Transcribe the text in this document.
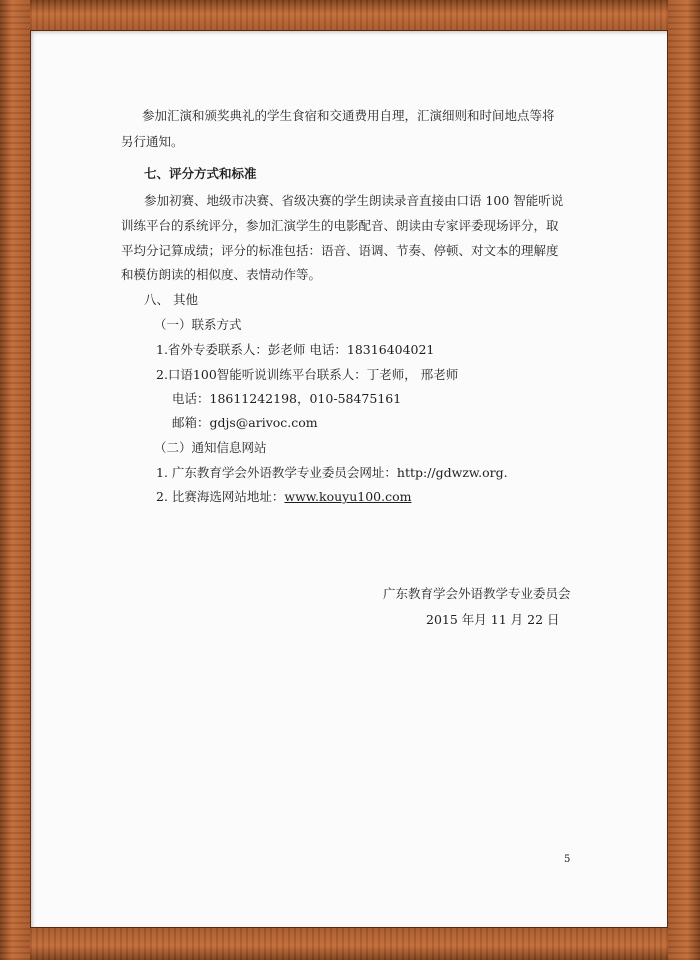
参加汇演和颁奖典礼的学生食宿和交通费用自理，汇演细则和时间地点等将
另行通知。
七、评分方式和标准
参加初赛、地级市决赛、省级决赛的学生朗读录音直接由口语 100 智能听说
训练平台的系统评分，参加汇演学生的电影配音、朗读由专家评委现场评分，取
平均分记算成绩；评分的标准包括：语音、语调、节奏、停顿、对文本的理解度
和模仿朗读的相似度、表情动作等。
八、 其他
（一）联系方式
1.省外专委联系人：彭老师 电话：18316404021
2.口语100智能听说训练平台联系人：丁老师， 邢老师
电话：18611242198，010-58475161
邮箱：gdjs@arivoc.com
（二）通知信息网站
1. 广东教育学会外语教学专业委员会网址：http://gdwzw.org.
2. 比赛海选网站地址：www.kouyu100.com
广东教育学会外语教学专业委员会
2015 年月 11 月 22 日
5
